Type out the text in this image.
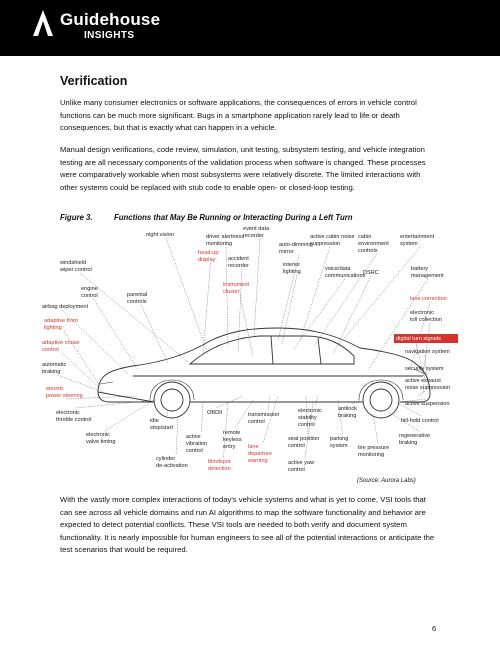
Guidehouse
INSIGHTS
Verification

Unlike many consumer electronics or software applications, the consequences of errors in vehicle control functions can be much more significant. Bugs in a smartphone application rarely lead to life or death consequences, but that is exactly what can happen in a vehicle.

Manual design verifications, code review, simulation, unit testing, subsystem testing, and vehicle integration testing are all necessary components of the validation process when software is changed. These processes were comparatively workable when most subsystems were relatively discrete. The limited interactions with other systems could be replaced with stub code to enable open- or closed-loop testing.

Figure 3.	Functions that May Be Running or Interacting During a Left Turn
night vision	driver alertness
monitoring
event data
recorder
auto-dimming
mirror
active cabin noise
suppression
cabin
environment
controls
entertainment
system
windshield
wiper control
head-up
display accident
recorder	interior
lighting	voice/data
communications
DSRC
battery
management
engine
control	parental
controls
instrument
cluster
airbag deployment
lane correction
electronic
toll collection
adaptive front
lighting
digital turn signals
adaptive cruise
control	navigation system
automatic
braking	security system
active exhaust
noise suppression
electric
power steering
active suspension
electronic
throttle control
OBDII	transmission
control
electronic
stability
control
antilock
braking
hill-hold control
idle
stop/start
active
vibration
control
remote
keyless
entry lane
departure
warning
seat position
control
parking
system tire pressure
monitoring
regenerative
braking
electronic
valve timing
cylinder
de-activation
blindspot
detection
active yaw
control
(Source: Aurora Labs)

With the vastly more complex interactions of today's vehicle systems and what is yet to come, VSI tools that can see across all vehicle domains and run AI algorithms to map the software functionality and behavior are expected to detect potential conflicts. These VSI tools are needed to both verify and document system functionality. It is nearly impossible for human engineers to see all of the potential interactions or anticipate the test scenarios that would be required.

6
